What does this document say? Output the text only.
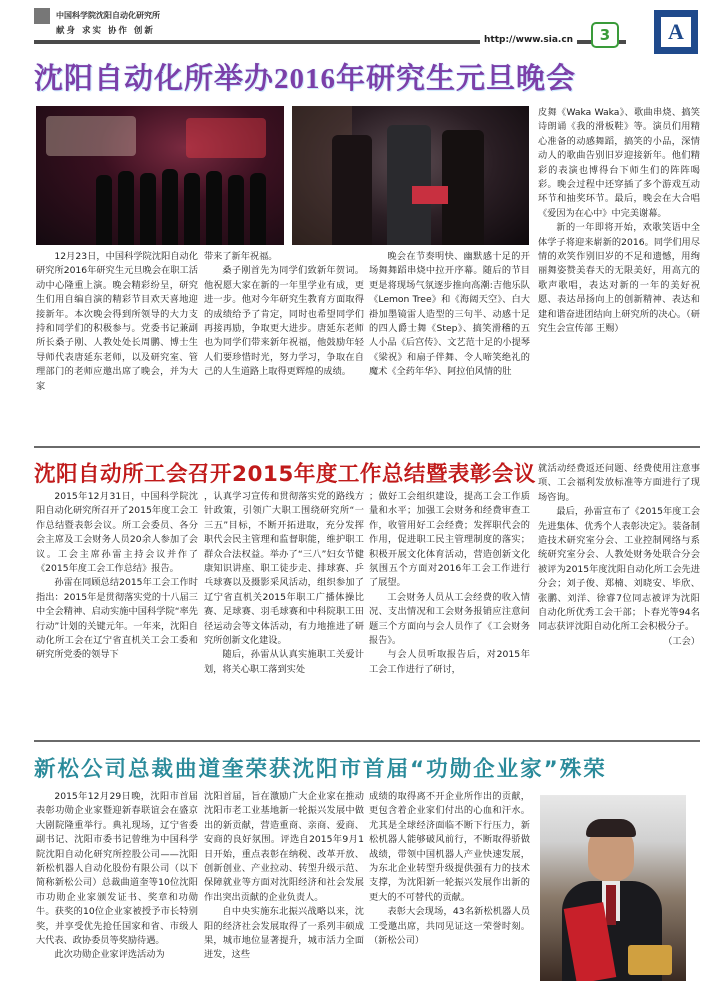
中国科学院沈阳自动化研究所
献身 求实 协作 创新
http://www.sia.cn	3	A
沈阳自动化所举办2016年研究生元旦晚会

12月23日，中国科学院沈阳自动化研究所2016年研究生元旦晚会在职工活动中心隆重上演。晚会精彩纷呈，研究生们用自编自演的精彩节目欢天喜地迎接新年。本次晚会得到所领导的大力支持和同学们的积极参与。党委书记兼副所长桑子刚、人教处处长周鹏、博士生导师代表唐延东老师，以及研究室、管理部门的老师应邀出席了晚会，并为大家

带来了新年祝福。

桑子刚首先为同学们致新年贺词。他祝愿大家在新的一年里学业有成，更进一步。他对今年研究生教育方面取得的成绩给予了肯定，同时也希望同学们再接再励，争取更大进步。唐延东老师也为同学们带来新年祝福，他鼓励年轻人们要珍惜时光，努力学习，争取在自己的人生道路上取得更辉煌的成绩。

晚会在节奏明快、幽默感十足的开场舞舞蹈串烧中拉开序幕。随后的节目更是将现场气氛逐步推向高潮:吉他乐队《Lemon Tree》和《海阔天空》、白大褂加墨镜雷人造型的三句半、动感十足的四人爵士舞《Step》、搞笑滑稽的五人小品《后宫传》、文艺范十足的小提琴《梁祝》和扇子伴舞、令人啼笑绝礼的魔术《全药年华》、阿拉伯风情的肚

皮舞《Waka Waka》、歌曲串烧、搞笑诗朗诵《我的滑板鞋》等。演员们用精心准备的动感舞蹈，搞笑的小品，深情动人的歌曲告别旧岁迎接新年。他们精彩的表演也博得台下师生们的阵阵喝彩。晚会过程中还穿插了多个游戏互动环节和抽奖环节。最后，晚会在大合唱《爱因为在心中》中完美谢幕。

新的一年即将开始，欢歌笑语中全体学子将迎来崭新的2016。同学们用尽情的欢笑作别旧岁的不足和遗憾，用绚丽舞姿赞美春天的无限美好，用高亢的歌声歌唱，表达对新的一年的美好祝愿、表达昂扬向上的创新精神、表达和建和谐奋进团结向上研究所的决心。（研究生会宣传部 王赐）

沈阳自动所工会召开2015年度工作总结暨表彰会议

2015年12月31日，中国科学院沈阳自动化研究所召开了2015年度工会工作总结暨表彰会议。所工会委员、各分会主席及工会财务人员20余人参加了会议。工会主席孙雷主持会议并作了《2015年度工会工作总结》报告。

孙雷在同顾总结2015年工会工作时指出：2015年是贯彻落实党的十八届三中全会精神、启动实施中国科学院“率先行动”计划的关键元年。一年来，沈阳自动化所工会在辽宁省直机关工会工委和研究所党委的领导下

，认真学习宣传和贯彻落实党的路线方针政策，引领广大职工围绕研究所“一三五”目标，不断开拓进取，充分发挥职代会民主管理和监督职能，维护职工群众合法权益。举办了“三八”妇女节健康知识讲座、职工徒步走、排球赛、乒乓球赛以及摄影采风活动，组织参加了辽宁省直机关2015年职工广播体操比赛、足球赛、羽毛球赛和中科院职工田径运动会等文体活动，有力地推进了研究所创新文化建设。

随后，孙雷从认真实施职工关爱计划，将关心职工落到实处

；做好工会组织建设，提高工会工作质量和水平；加强工会财务和经费审查工作，收管用好工会经费；发挥职代会的作用，促进职工民主管理制度的落实；积极开展文化体育活动，营造创新文化氛围五个方面对2016年工会工作进行了展望。

工会财务人员从工会经费的收入情况、支出情况和工会财务报销应注意问题三个方面向与会人员作了《工会财务报告》。

与会人员听取报告后，对2015年工会工作进行了研讨，

就活动经费返还问题、经费使用注意事项、工会福利发放标准等方面进行了现场咨询。

最后，孙雷宣布了《2015年度工会先进集体、优秀个人表彰决定》。装备制造技术研究室分会、工业控制网络与系统研究室分会、人教处财务处联合分会被评为2015年度沈阳自动化所工会先进分会；刘子俊、郑楠、刘晓安、毕欣、张鹏、刘洋、徐睿7位同志被评为沈阳自动化所优秀工会干部；卜春光等94名同志获评沈阳自动化所工会积极分子。

（工会）

新松公司总裁曲道奎荣获沈阳市首届“功勋企业家”殊荣

2015年12月29日晚，沈阳市首届表彰功勋企业家暨迎新春联谊会在盛京大剧院隆重举行。典礼现场，辽宁省委副书记、沈阳市委书记曾维为中国科学院沈阳自动化研究所控股公司——沈阳新松机器人自动化股份有限公司（以下简称新松公司）总裁曲道奎等10位沈阳市功勋企业家颁发证书、奖章和功勋牛。获奖的10位企业家被授予市长特别奖，并享受优先抢任国家和省、市级人大代表、政协委员等奖励待遇。

此次功勋企业家评选活动为

沈阳首届，旨在激励广大企业家在推动沈阳市老工业基地新一轮振兴发展中做出的新贡献，营造重商、亲商、爱商、安商的良好氛围。评选自2015年9月1日开始，重点表彰在纳税、改革开放、创新创业、产业拉动、转型升级示范、保障就业等方面对沈阳经济和社会发展作出突出贡献的企业负责人。

自中央实施东北振兴战略以来，沈阳的经济社会发展取得了一系列丰硕成果，城市地位显著提升，城市活力全面迸发，这些

成绩的取得离不开企业所作出的贡献，更包含着企业家们付出的心血和汗水。尤其是全球经济面临不断下行压力，新松机器人能够破风前行，不断取得骄做战绩，带领中国机器人产业快速发展，为东北企业转型升级提供强有力的技术支撑，为沈阳新一轮振兴发展作出新的更大的不可替代的贡献。

表彰大会现场，43名新松机器人员工受邀出席，共同见证这一荣誉时刻。（新松公司）
